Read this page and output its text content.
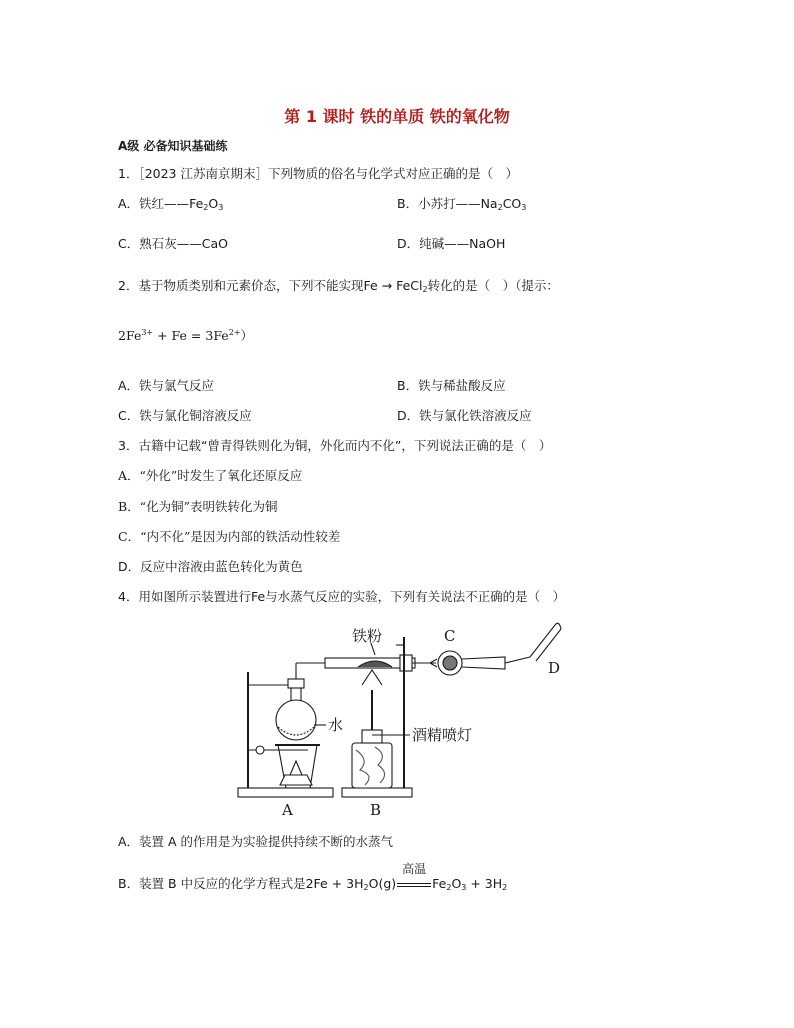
第 1 课时 铁的单质 铁的氧化物
A级 必备知识基础练
1．［2023 江苏南京期末］下列物质的俗名与化学式对应正确的是（　）
A．铁红$——Fe_2O_3$	B．小苏打$——Na_2CO_3$
C．熟石灰——CaO	D．纯碱——NaOH
2．基于物质类别和元素价态，下列不能实现Fe → FeCl$_2$转化的是（　）（提示：
$2Fe^{3+} + Fe = 3Fe^{2+}$）
A．铁与氯气反应	B．铁与稀盐酸反应
C．铁与氯化铜溶液反应	D．铁与氯化铁溶液反应
3．古籍中记载“曾青得铁则化为铜，外化而内不化”，下列说法正确的是（　）
A．“外化”时发生了氧化还原反应
B．“化为铜”表明铁转化为铜
C．“内不化”是因为内部的铁活动性较差
D．反应中溶液由蓝色转化为黄色
4．用如图所示装置进行Fe与水蒸气反应的实验，下列有关说法不正确的是（　）
铁粉	C
D
水
酒精喷灯
A	B
A．装置 A 的作用是为实验提供持续不断的水蒸气
B．装置 B 中反应的化学方程式是$2Fe + 3H_2O(g)$
高温
$Fe_2O_3 + 3H_2$
